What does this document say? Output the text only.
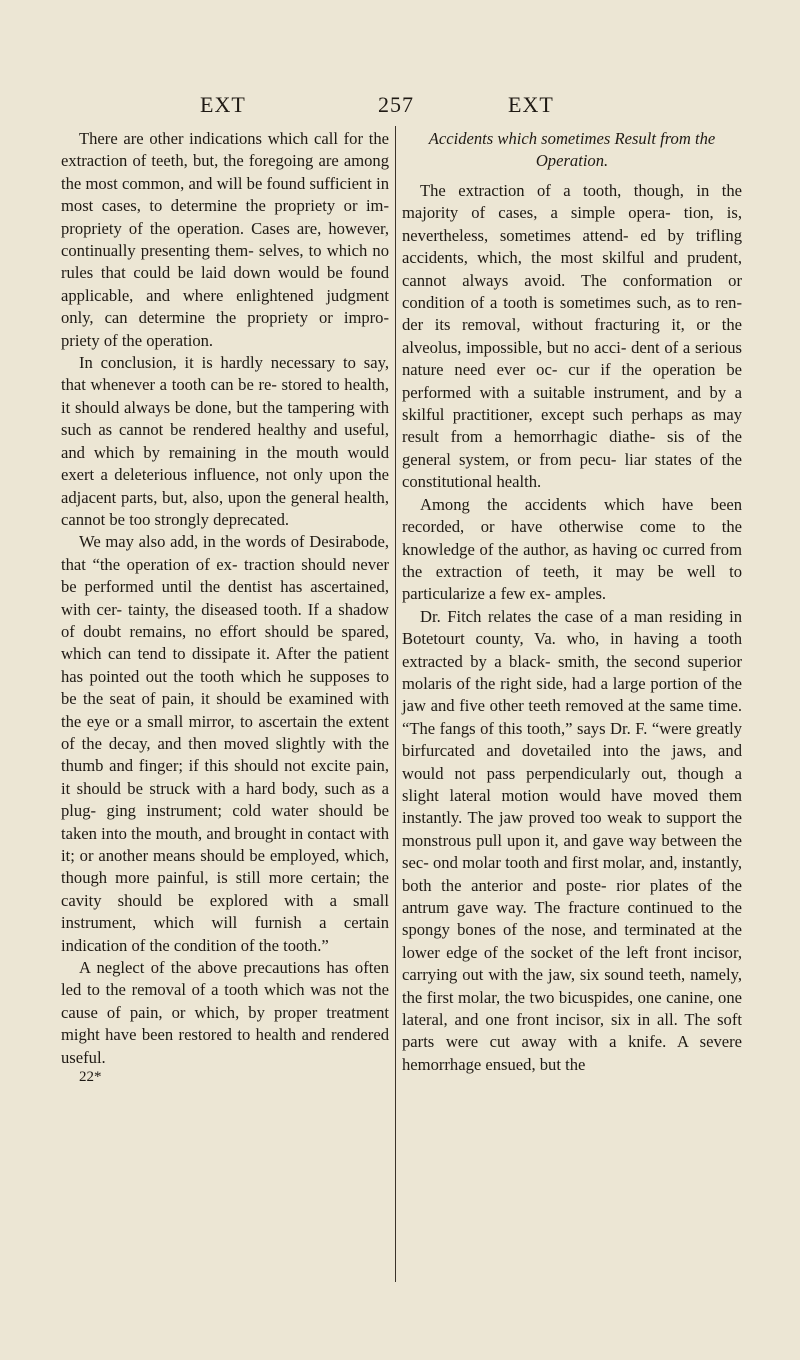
EXT	257	EXT

There are other indications which call for the extraction of teeth, but, the foregoing are among the most common, and will be found sufficient in most cases, to determine the propriety or im- propriety of the operation. Cases are, however, continually presenting them- selves, to which no rules that could be laid down would be found applicable, and where enlightened judgment only, can determine the propriety or impro- priety of the operation.

In conclusion, it is hardly necessary to say, that whenever a tooth can be re- stored to health, it should always be done, but the tampering with such as cannot be rendered healthy and useful, and which by remaining in the mouth would exert a deleterious influence, not only upon the adjacent parts, but, also, upon the general health, cannot be too strongly deprecated.

We may also add, in the words of Desirabode, that “the operation of ex- traction should never be performed until the dentist has ascertained, with cer- tainty, the diseased tooth. If a shadow of doubt remains, no effort should be spared, which can tend to dissipate it. After the patient has pointed out the tooth which he supposes to be the seat of pain, it should be examined with the eye or a small mirror, to ascertain the extent of the decay, and then moved slightly with the thumb and finger; if this should not excite pain, it should be struck with a hard body, such as a plug- ging instrument; cold water should be taken into the mouth, and brought in contact with it; or another means should be employed, which, though more painful, is still more certain; the cavity should be explored with a small instrument, which will furnish a certain indication of the condition of the tooth.”

A neglect of the above precautions has often led to the removal of a tooth which was not the cause of pain, or which, by proper treatment might have been restored to health and rendered useful.

22*
Accidents which sometimes Result from the Operation.

The extraction of a tooth, though, in the majority of cases, a simple opera- tion, is, nevertheless, sometimes attend- ed by trifling accidents, which, the most skilful and prudent, cannot always avoid. The conformation or condition of a tooth is sometimes such, as to ren- der its removal, without fracturing it, or the alveolus, impossible, but no acci- dent of a serious nature need ever oc- cur if the operation be performed with a suitable instrument, and by a skilful practitioner, except such perhaps as may result from a hemorrhagic diathe- sis of the general system, or from pecu- liar states of the constitutional health.

Among the accidents which have been recorded, or have otherwise come to the knowledge of the author, as having oc curred from the extraction of teeth, it may be well to particularize a few ex- amples.

Dr. Fitch relates the case of a man residing in Botetourt county, Va. who, in having a tooth extracted by a black- smith, the second superior molaris of the right side, had a large portion of the jaw and five other teeth removed at the same time. “The fangs of this tooth,” says Dr. F. “were greatly birfurcated and dovetailed into the jaws, and would not pass perpendicularly out, though a slight lateral motion would have moved them instantly. The jaw proved too weak to support the monstrous pull upon it, and gave way between the sec- ond molar tooth and first molar, and, instantly, both the anterior and poste- rior plates of the antrum gave way. The fracture continued to the spongy bones of the nose, and terminated at the lower edge of the socket of the left front incisor, carrying out with the jaw, six sound teeth, namely, the first molar, the two bicuspides, one canine, one lateral, and one front incisor, six in all. The soft parts were cut away with a knife. A severe hemorrhage ensued, but the
